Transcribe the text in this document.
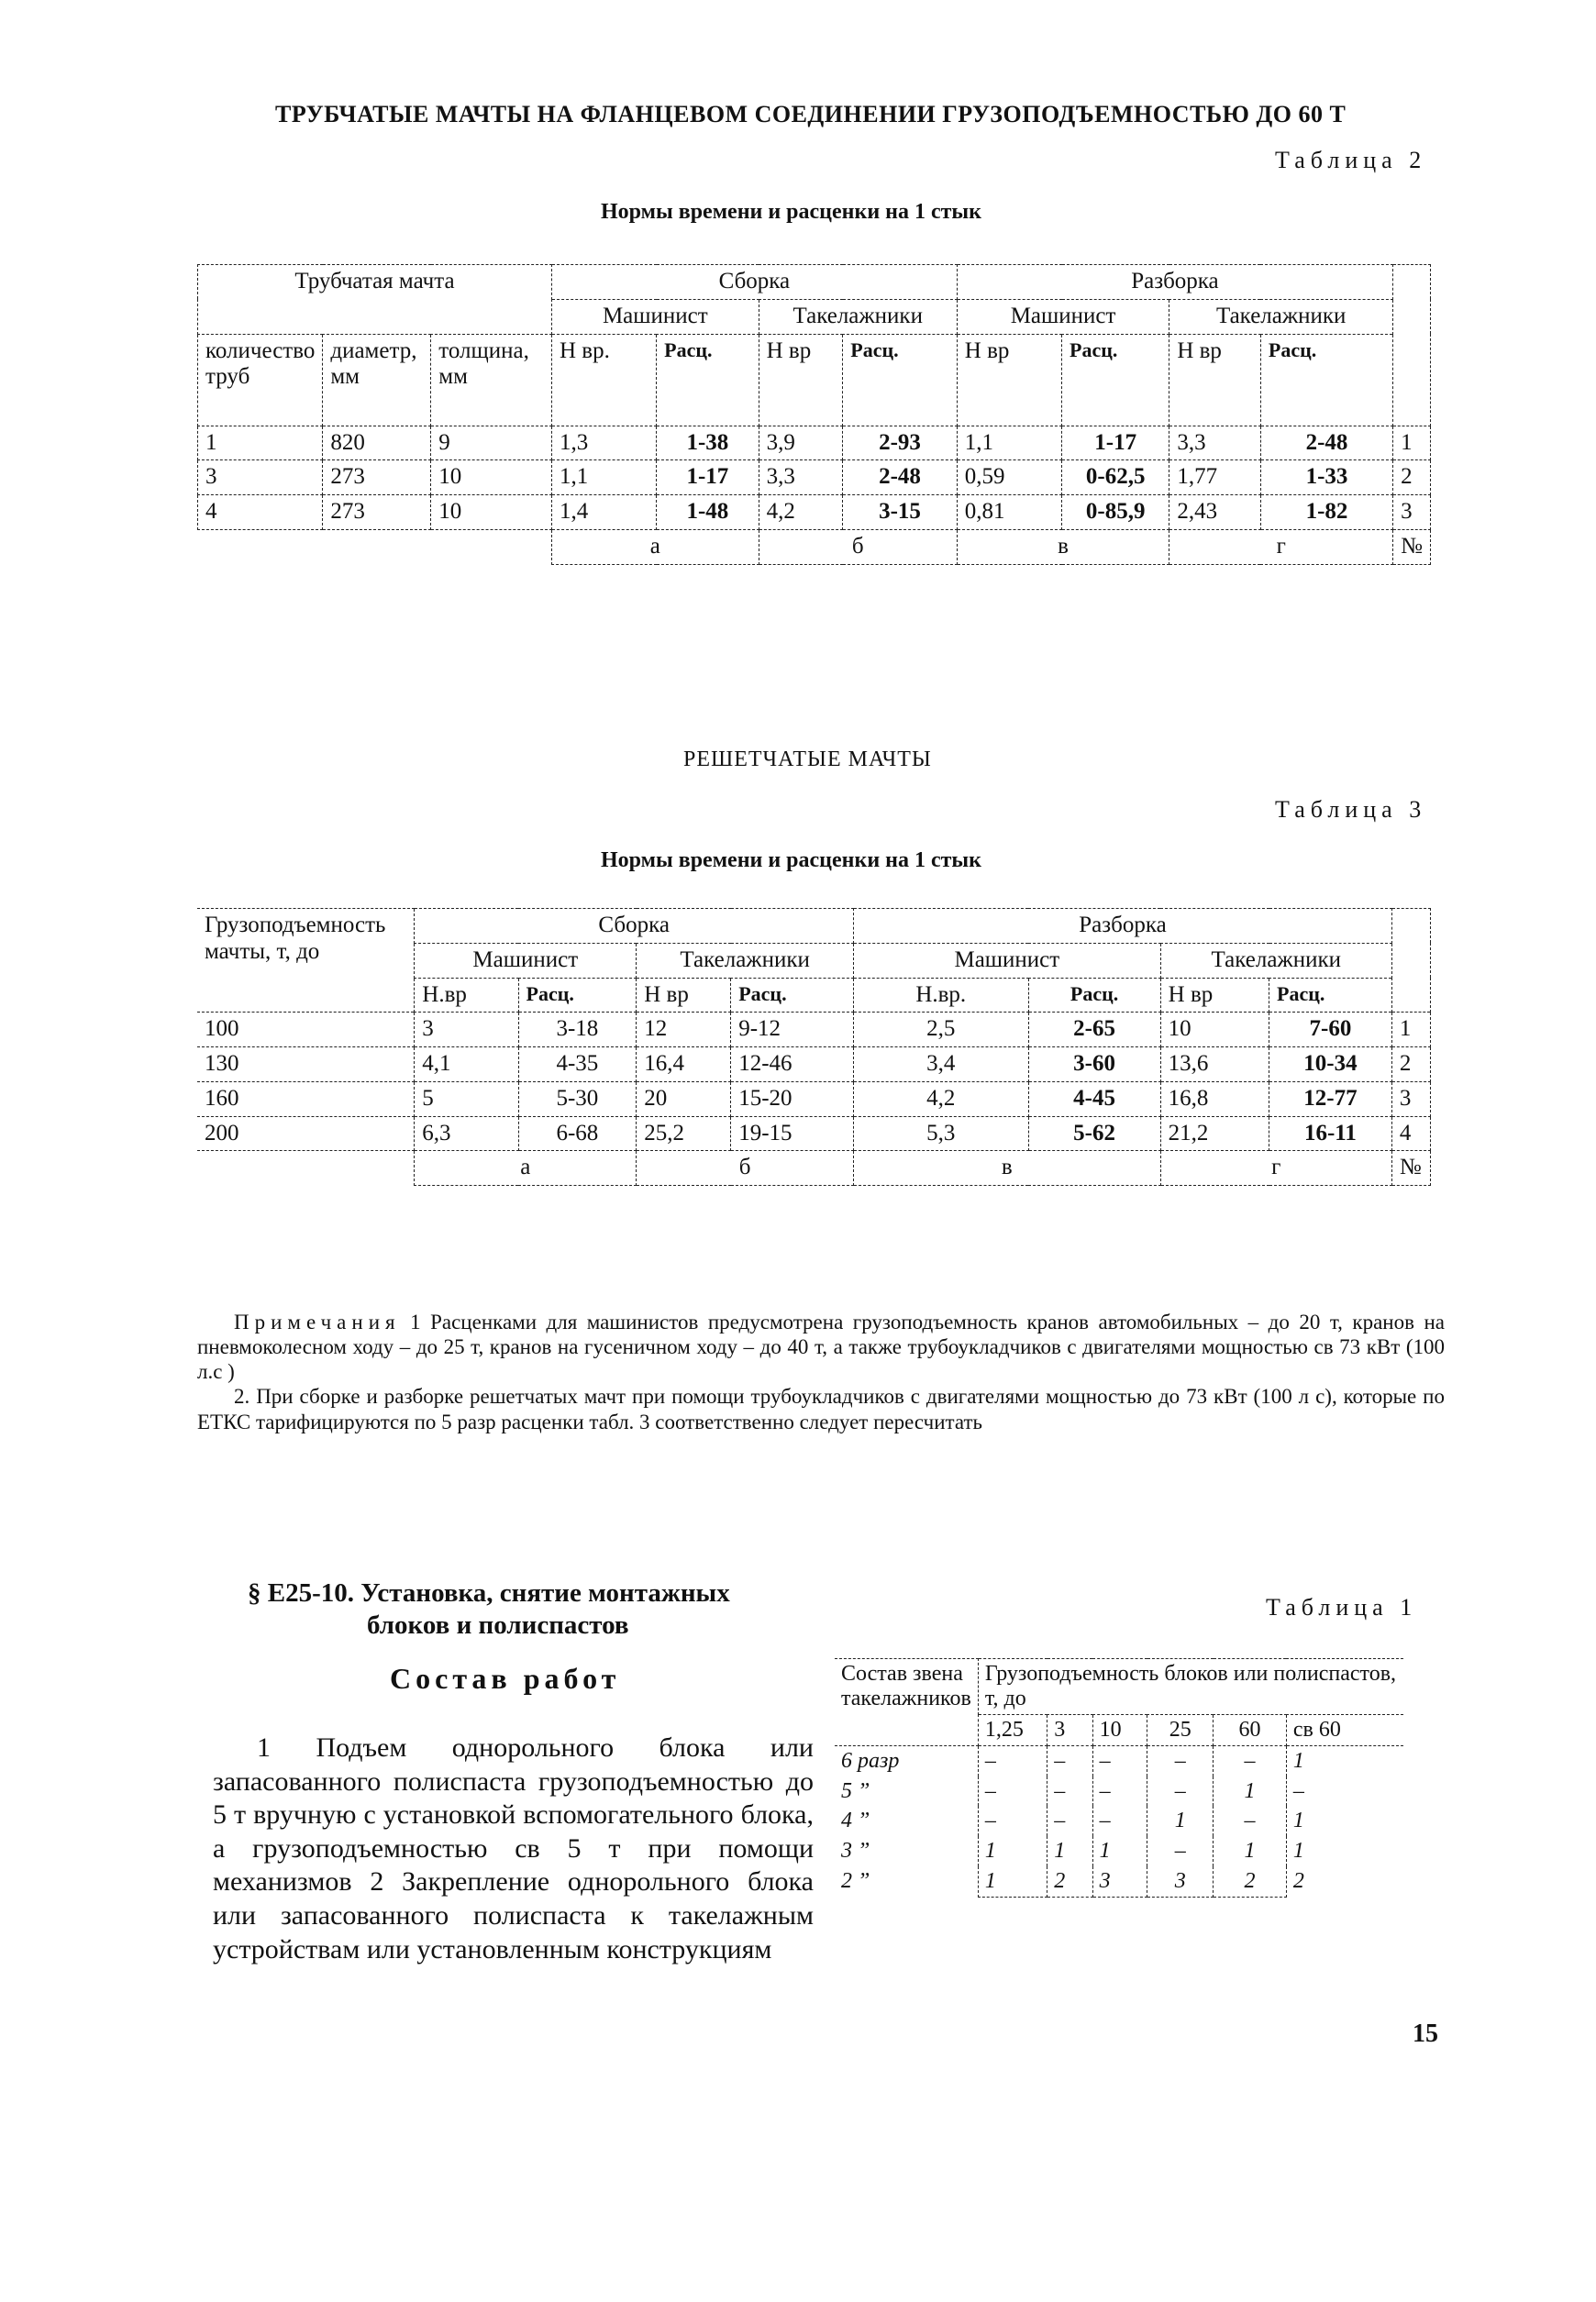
ТРУБЧАТЫЕ МАЧТЫ НА ФЛАНЦЕВОМ СОЕДИНЕНИИ ГРУЗОПОДЪЕМНОСТЬЮ ДО 60 Т
Таблица 2
Нормы времени и расценки на 1 стык
Трубчатая мачта			Сборка				Разборка				
			Машинист		Такелажники		Машинист		Такелажники		
количество труб	диаметр, мм	толщина, мм	Н вр.	Расц.	Н вр	Расц.	Н вр	Расц.	Н вр	Расц.	
1	820	9	1,3	1-38	3,9	2-93	1,1	1-17	3,3	2-48	1
3	273	10	1,1	1-17	3,3	2-48	0,59	0-62,5	1,77	1-33	2
4	273	10	1,4	1-48	4,2	3-15	0,81	0-85,9	2,43	1-82	3
			а		б		в		г		№
РЕШЕТЧАТЫЕ МАЧТЫ
Таблица 3
Нормы времени и расценки на 1 стык
Грузоподъемность мачты, т, до	Сборка				Разборка				
	Машинист		Такелажники		Машинист		Такелажники		
	Н.вр	Расц.	Н вр	Расц.	Н.вр.	Расц.	Н вр	Расц.	
100	3	3-18	12	9-12	2,5	2-65	10	7-60	1
130	4,1	4-35	16,4	12-46	3,4	3-60	13,6	10-34	2
160	5	5-30	20	15-20	4,2	4-45	16,8	12-77	3
200	6,3	6-68	25,2	19-15	5,3	5-62	21,2	16-11	4
	а		б		в		г		№

Примечания 1 Расценками для машинистов предусмотрена грузоподъемность кранов автомобильных – до 20 т, кранов на пневмоколесном ходу – до 25 т, кранов на гусеничном ходу – до 40 т, а также трубоукладчиков с двигателями мощностью св 73 кВт (100 л.с )

2. При сборке и разборке решетчатых мачт при помощи трубоукладчиков с двигателями мощностью до 73 кВт (100 л с), которые по ЕТКС тарифицируются по 5 разр расценки табл. 3 соответственно следует пересчитать

§ Е25-10. Установка, снятие монтажных
блоков и полиспастов
Состав работ

1 Подъем однорольного блока или запасованного полиспаста грузоподъемностью до 5 т вручную с установкой вспомогательного блока, а грузоподъемностью св 5 т при помощи механизмов 2 Закрепление однорольного блока или запасованного полиспаста к такелажным устройствам или установленным конструкциям

Таблица 1
Состав звена такелажников	Грузоподъемность блоков или полиспастов, т, до					
	1,25	3	10	25	60	св 60
6 разр	–	–	–	–	–	1
5 ”	–	–	–	–	1	–
4 ”	–	–	–	1	–	1
3 ”	1	1	1	–	1	1
2 ”	1	2	3	3	2	2
15
